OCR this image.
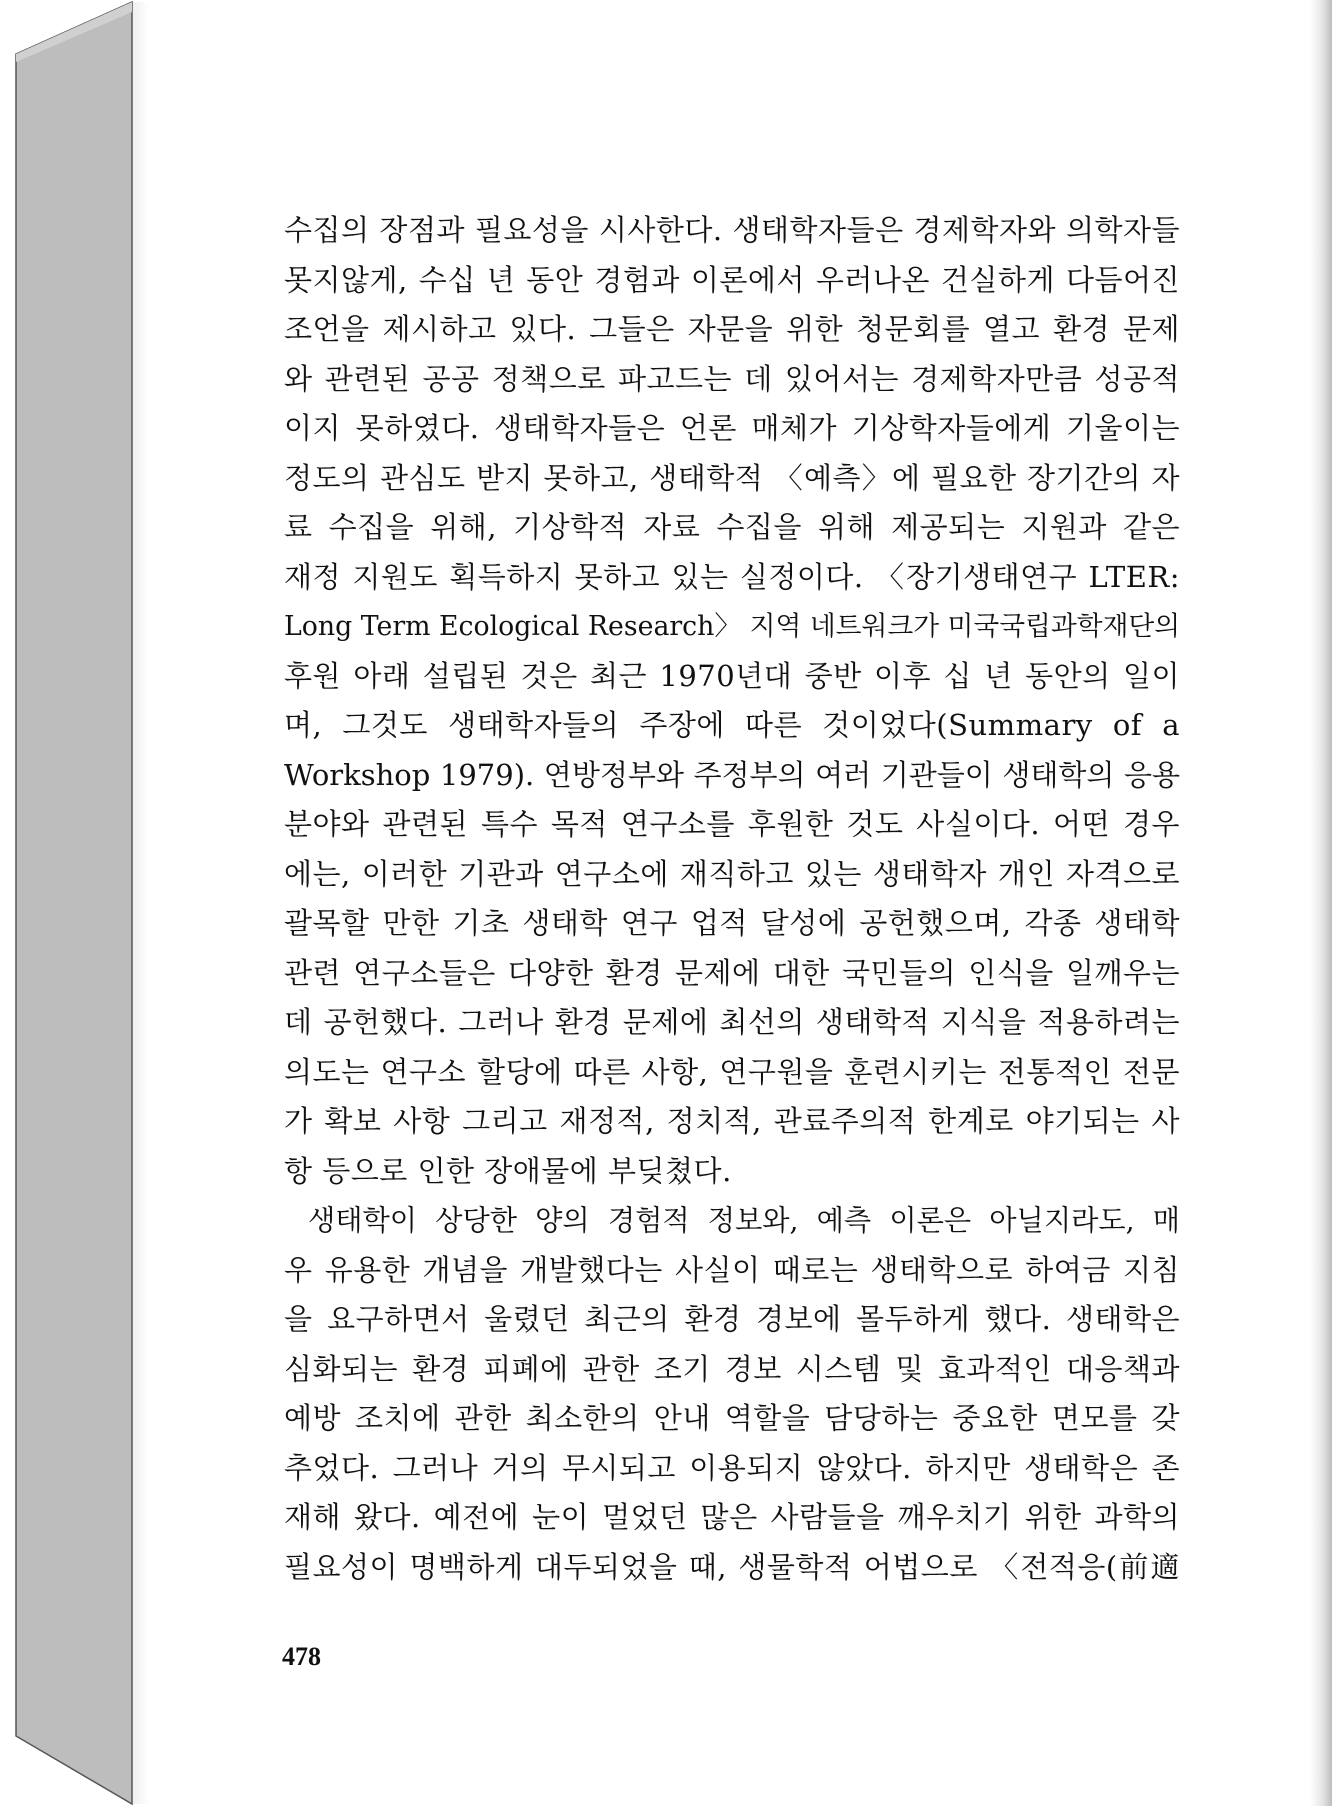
수집의 장점과 필요성을 시사한다. 생태학자들은 경제학자와 의학자들
못지않게, 수십 년 동안 경험과 이론에서 우러나온 건실하게 다듬어진
조언을 제시하고 있다. 그들은 자문을 위한 청문회를 열고 환경 문제
와 관련된 공공 정책으로 파고드는 데 있어서는 경제학자만큼 성공적
이지 못하였다. 생태학자들은 언론 매체가 기상학자들에게 기울이는
정도의 관심도 받지 못하고, 생태학적 〈예측〉에 필요한 장기간의 자
료 수집을 위해, 기상학적 자료 수집을 위해 제공되는 지원과 같은
재정 지원도 획득하지 못하고 있는 실정이다. 〈장기생태연구 LTER:
Long Term Ecological Research〉 지역 네트워크가 미국국립과학재단의
후원 아래 설립된 것은 최근 1970년대 중반 이후 십 년 동안의 일이
며, 그것도 생태학자들의 주장에 따른 것이었다(Summary of a
Workshop 1979). 연방정부와 주정부의 여러 기관들이 생태학의 응용
분야와 관련된 특수 목적 연구소를 후원한 것도 사실이다. 어떤 경우
에는, 이러한 기관과 연구소에 재직하고 있는 생태학자 개인 자격으로
괄목할 만한 기초 생태학 연구 업적 달성에 공헌했으며, 각종 생태학
관련 연구소들은 다양한 환경 문제에 대한 국민들의 인식을 일깨우는
데 공헌했다. 그러나 환경 문제에 최선의 생태학적 지식을 적용하려는
의도는 연구소 할당에 따른 사항, 연구원을 훈련시키는 전통적인 전문
가 확보 사항 그리고 재정적, 정치적, 관료주의적 한계로 야기되는 사
항 등으로 인한 장애물에 부딪쳤다.
생태학이 상당한 양의 경험적 정보와, 예측 이론은 아닐지라도, 매
우 유용한 개념을 개발했다는 사실이 때로는 생태학으로 하여금 지침
을 요구하면서 울렸던 최근의 환경 경보에 몰두하게 했다. 생태학은
심화되는 환경 피폐에 관한 조기 경보 시스템 및 효과적인 대응책과
예방 조치에 관한 최소한의 안내 역할을 담당하는 중요한 면모를 갖
추었다. 그러나 거의 무시되고 이용되지 않았다. 하지만 생태학은 존
재해 왔다. 예전에 눈이 멀었던 많은 사람들을 깨우치기 위한 과학의
필요성이 명백하게 대두되었을 때, 생물학적 어법으로 〈전적응(前適
478
